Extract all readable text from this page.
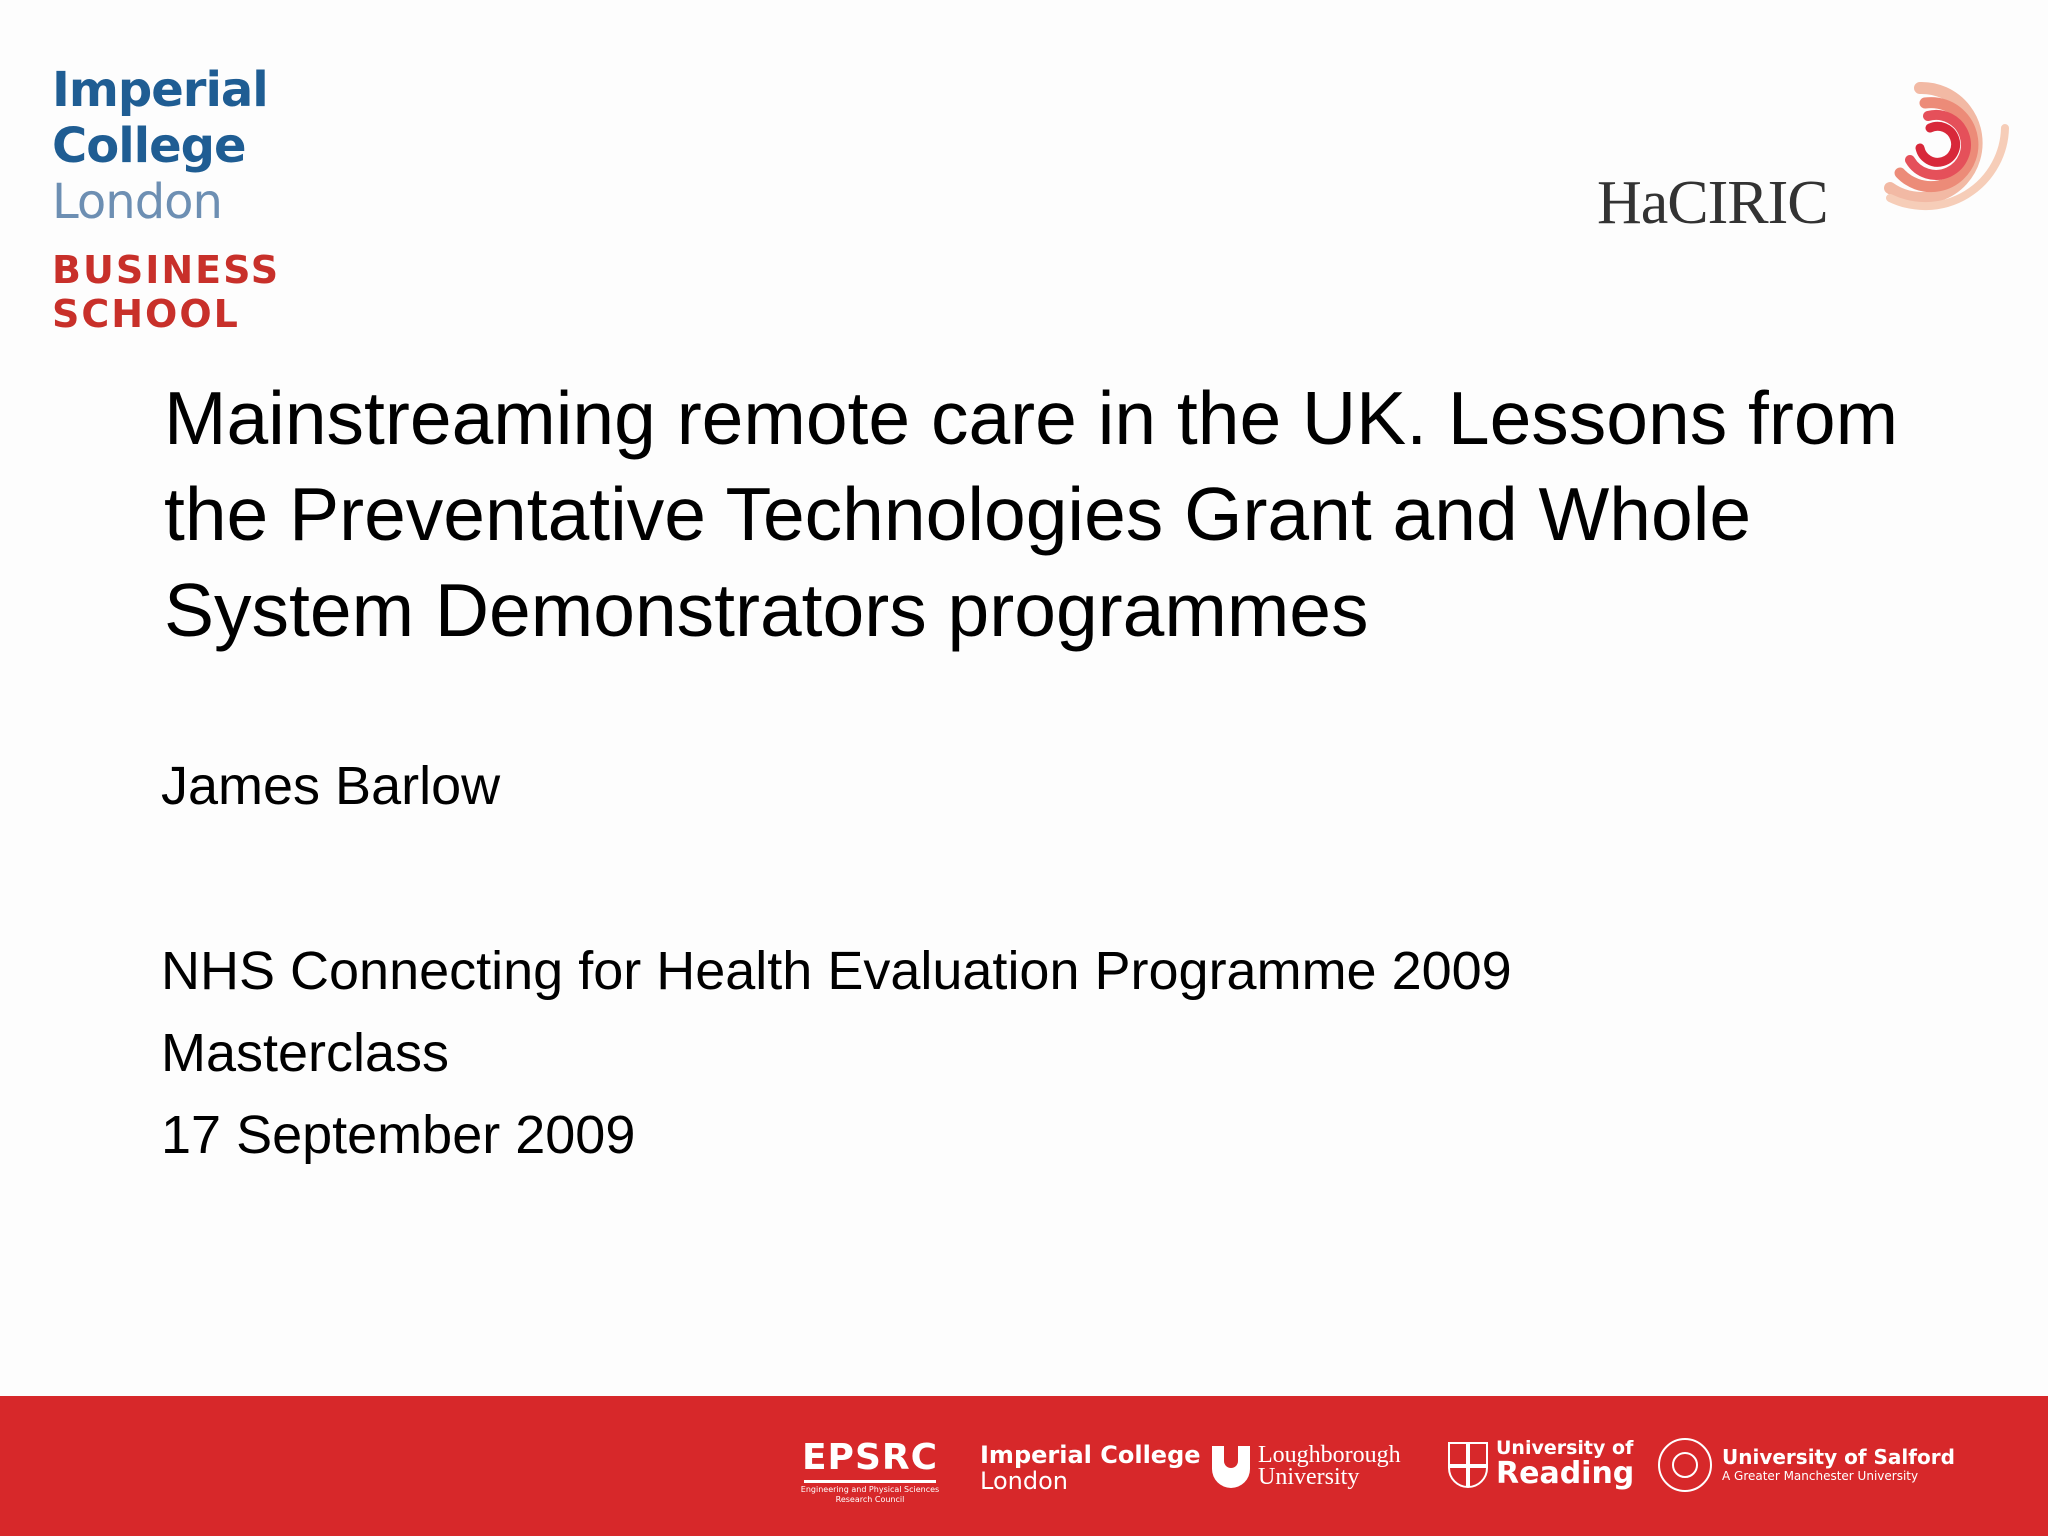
Imperial College
London
BUSINESS SCHOOL
HaCIRIC
Mainstreaming remote care in the UK. Lessons from the Preventative Technologies Grant and Whole System Demonstrators programmes
James Barlow
NHS Connecting for Health Evaluation Programme 2009
Masterclass
17 September 2009
EPSRC
Engineering and Physical Sciences Research Council
Imperial College
London
Loughborough
University
University of
Reading	University of Salford
A Greater Manchester University
